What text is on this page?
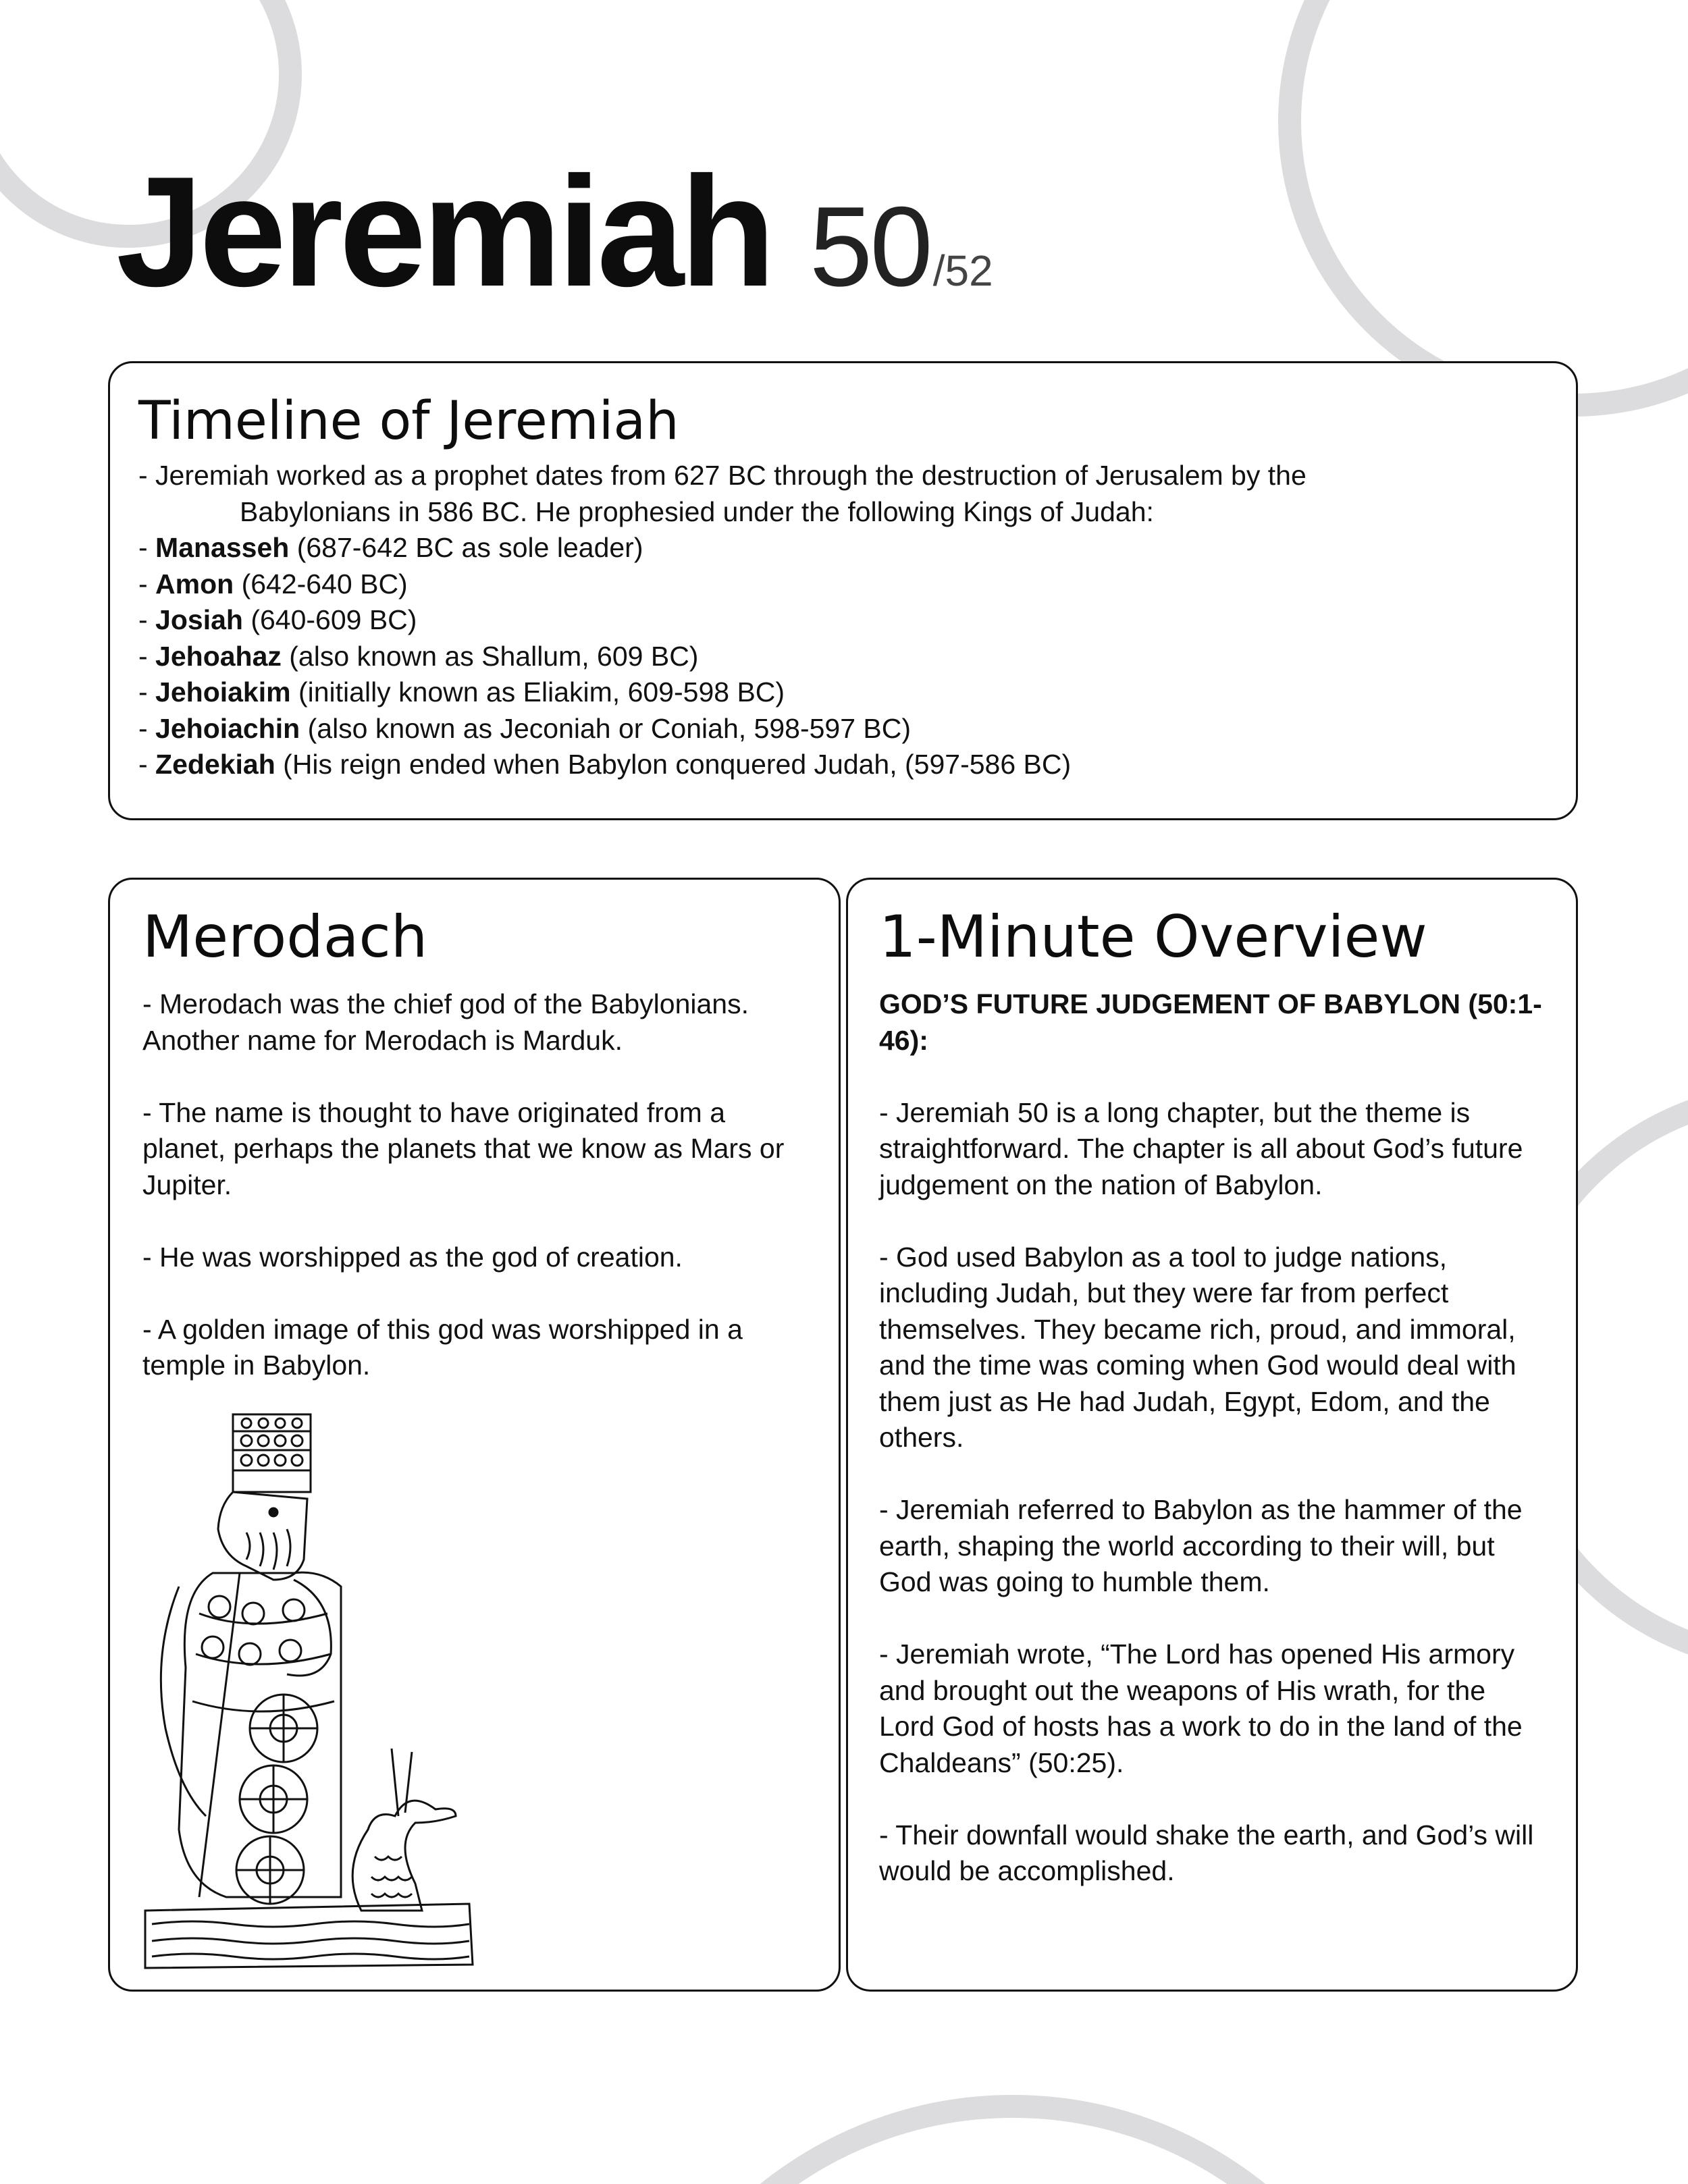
Jeremiah 50/52
Timeline of Jeremiah
- Jeremiah worked as a prophet dates from 627 BC through the destruction of Jerusalem by the
Babylonians in 586 BC. He prophesied under the following Kings of Judah:
- Manasseh (687-642 BC as sole leader)
- Amon (642-640 BC)
- Josiah (640-609 BC)
- Jehoahaz (also known as Shallum, 609 BC)
- Jehoiakim (initially known as Eliakim, 609-598 BC)
- Jehoiachin (also known as Jeconiah or Coniah, 598-597 BC)
- Zedekiah (His reign ended when Babylon conquered Judah, (597-586 BC)
Merodach

- Merodach was the chief god of the Babylonians. Another name for Merodach is Marduk.

- The name is thought to have originated from a planet, perhaps the planets that we know as Mars or Jupiter.

- He was worshipped as the god of creation.

- A golden image of this god was worshipped in a temple in Babylon.

1-Minute Overview

GOD’S FUTURE JUDGEMENT OF BABYLON (50:1-46):

- Jeremiah 50 is a long chapter, but the theme is straightforward. The chapter is all about God’s future judgement on the nation of Babylon.

- God used Babylon as a tool to judge nations, including Judah, but they were far from perfect themselves. They became rich, proud, and immoral, and the time was coming when God would deal with them just as He had Judah, Egypt, Edom, and the others.

- Jeremiah referred to Babylon as the hammer of the earth, shaping the world according to their will, but God was going to humble them.

- Jeremiah wrote, “The Lord has opened His armory and brought out the weapons of His wrath, for the Lord God of hosts has a work to do in the land of the Chaldeans” (50:25).

- Their downfall would shake the earth, and God’s will would be accomplished.
